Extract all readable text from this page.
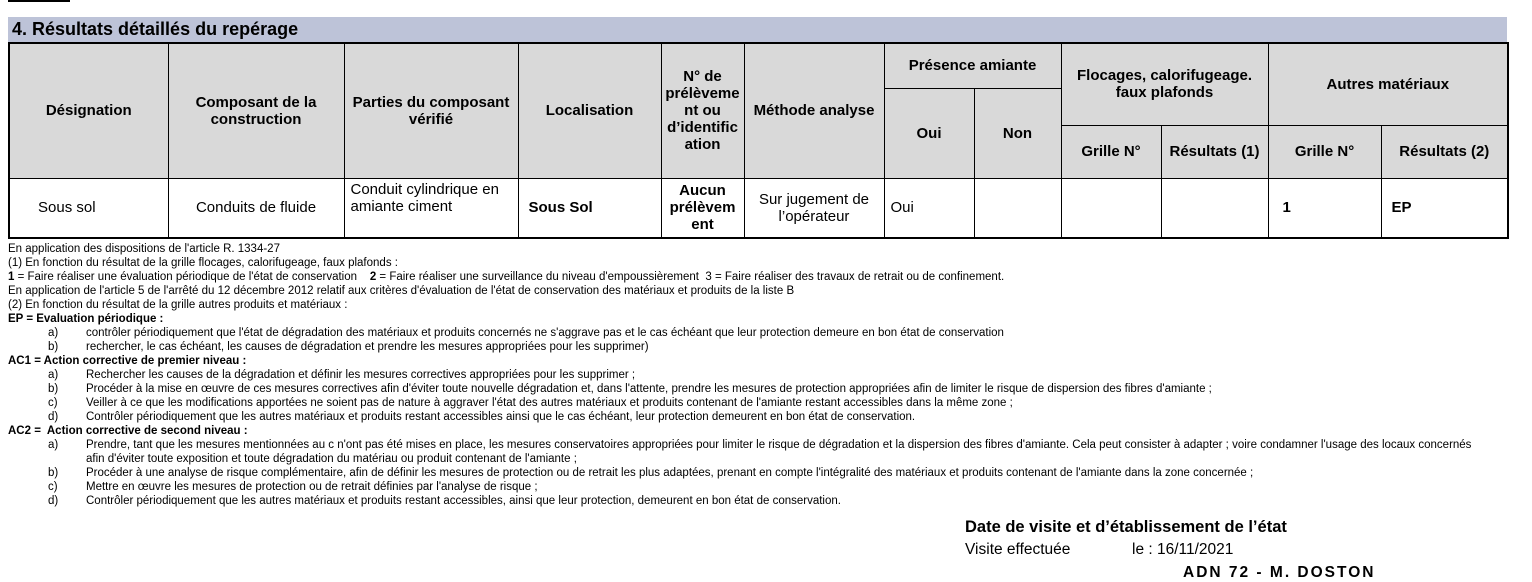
4. Résultats détaillés du repérage
Désignation	Composant de la construction	Parties du composant vérifié	Localisation	N° de prélèvement ou d’identification	Méthode analyse	Présence amiante		Flocages, calorifugeage. faux plafonds		Autres matériaux	
						Oui	Non				
								Grille N°	Résultats (1)	Grille N°	Résultats (2)
Sous sol	Conduits de fluide	Conduit cylindrique en amiante ciment	Sous Sol	Aucun prélèvement	Sur jugement de l’opérateur	Oui				1	EP
En application des dispositions de l'article R. 1334-27
(1) En fonction du résultat de la grille flocages, calorifugeage, faux plafonds :
1 = Faire réaliser une évaluation périodique de l'état de conservation    2 = Faire réaliser une surveillance du niveau d'empoussièrement  3 = Faire réaliser des travaux de retrait ou de confinement.
En application de l'article 5 de l'arrêté du 12 décembre 2012 relatif aux critères d'évaluation de l'état de conservation des matériaux et produits de la liste B
(2) En fonction du résultat de la grille autres produits et matériaux :
EP = Evaluation périodique :
a) contrôler périodiquement que l'état de dégradation des matériaux et produits concernés ne s'aggrave pas et le cas échéant que leur protection demeure en bon état de conservation
b) rechercher, le cas échéant, les causes de dégradation et prendre les mesures appropriées pour les supprimer)
AC1 = Action corrective de premier niveau :
a) Rechercher les causes de la dégradation et définir les mesures correctives appropriées pour les supprimer ;
b) Procéder à la mise en œuvre de ces mesures correctives afin d'éviter toute nouvelle dégradation et, dans l'attente, prendre les mesures de protection appropriées afin de limiter le risque de dispersion des fibres d'amiante ;
c) Veiller à ce que les modifications apportées ne soient pas de nature à aggraver l'état des autres matériaux et produits contenant de l'amiante restant accessibles dans la même zone ;
d) Contrôler périodiquement que les autres matériaux et produits restant accessibles ainsi que le cas échéant, leur protection demeurent en bon état de conservation.
AC2 =  Action corrective de second niveau :
a) Prendre, tant que les mesures mentionnées au c n'ont pas été mises en place, les mesures conservatoires appropriées pour limiter le risque de dégradation et la dispersion des fibres d'amiante. Cela peut consister à adapter ; voire condamner l'usage des locaux concernés
afin d'éviter toute exposition et toute dégradation du matériau ou produit contenant de l'amiante ;
b) Procéder à une analyse de risque complémentaire, afin de définir les mesures de protection ou de retrait les plus adaptées, prenant en compte l'intégralité des matériaux et produits contenant de l'amiante dans la zone concernée ;
c) Mettre en œuvre les mesures de protection ou de retrait définies par l'analyse de risque ;
d) Contrôler périodiquement que les autres matériaux et produits restant accessibles, ainsi que leur protection, demeurent en bon état de conservation.
Date de visite et d’établissement de l’état
Visite effectuée	le : 16/11/2021
ADN 72 - M. DOSTON
